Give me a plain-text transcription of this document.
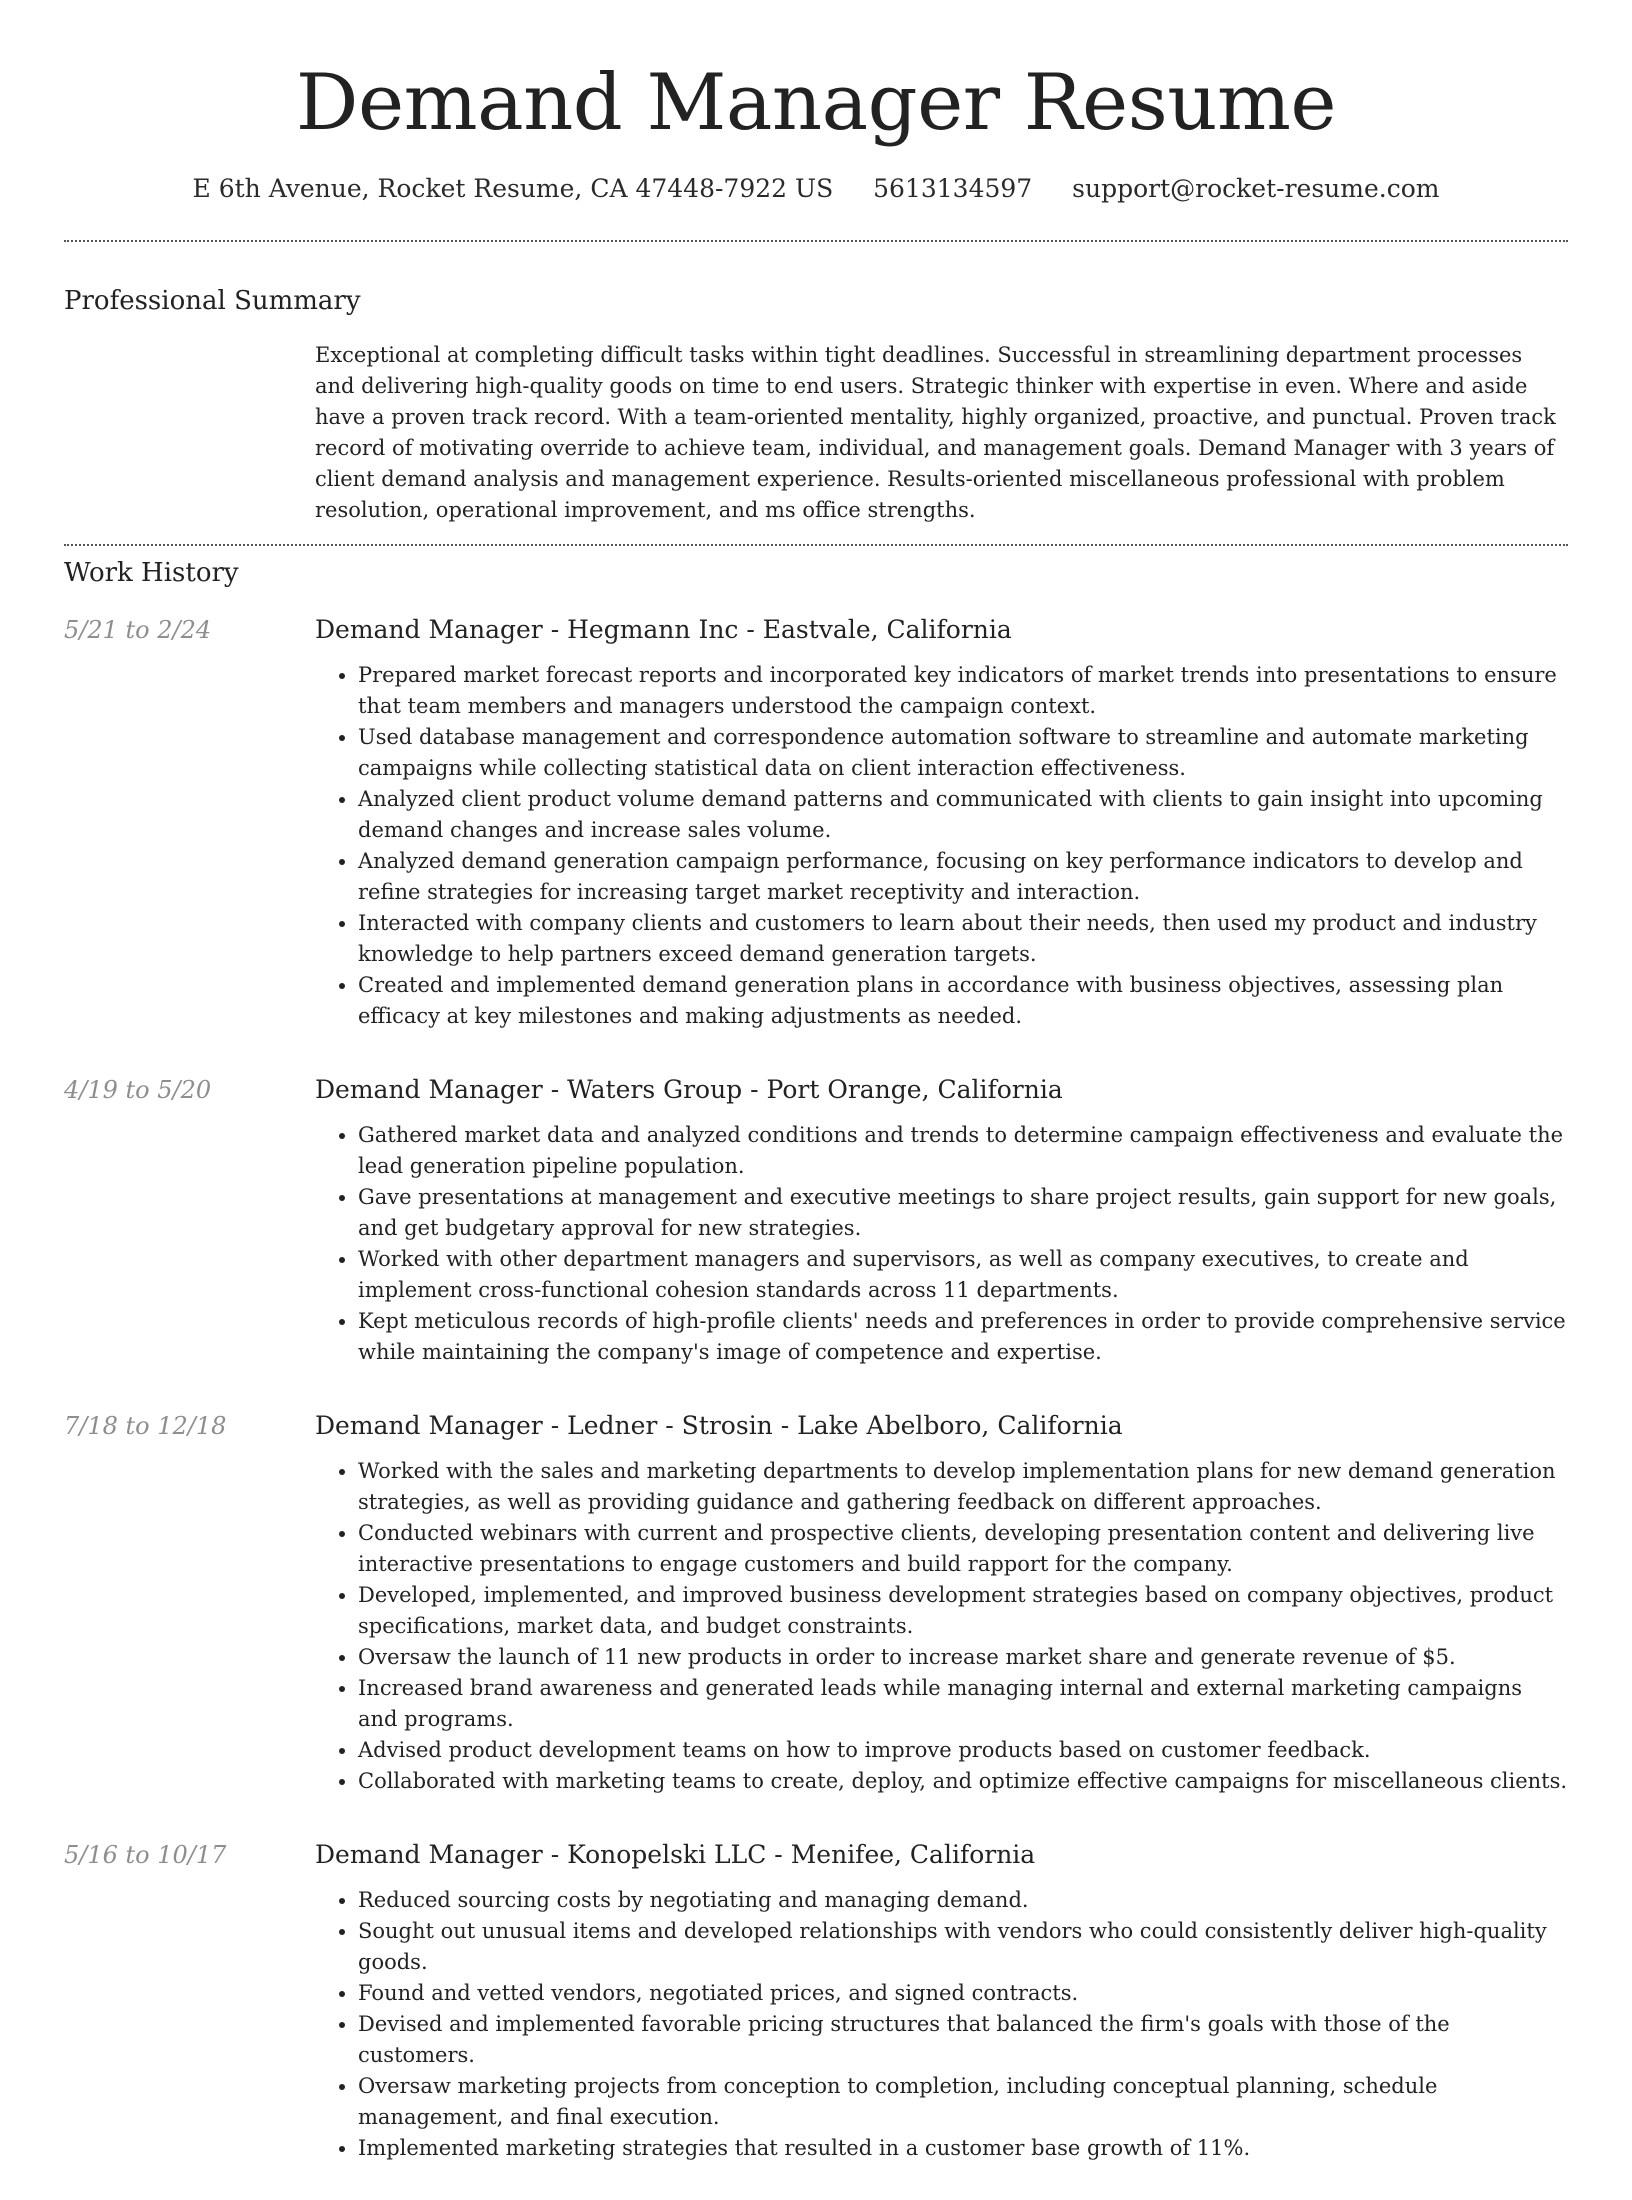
Demand Manager Resume
E 6th Avenue, Rocket Resume, CA 47448-7922 US 5613134597 support@rocket-resume.com
Professional Summary

Exceptional at completing difficult tasks within tight deadlines. Successful in streamlining department processes and delivering high-quality goods on time to end users. Strategic thinker with expertise in even. Where and aside have a proven track record. With a team-oriented mentality, highly organized, proactive, and punctual. Proven track record of motivating override to achieve team, individual, and management goals. Demand Manager with 3 years of client demand analysis and management experience. Results-oriented miscellaneous professional with problem resolution, operational improvement, and ms office strengths.

Work History
5/21 to 2/24	Demand Manager - Hegmann Inc - Eastvale, California
• Prepared market forecast reports and incorporated key indicators of market trends into presentations to ensure that team members and managers understood the campaign context.
• Used database management and correspondence automation software to streamline and automate marketing campaigns while collecting statistical data on client interaction effectiveness.
• Analyzed client product volume demand patterns and communicated with clients to gain insight into upcoming demand changes and increase sales volume.
• Analyzed demand generation campaign performance, focusing on key performance indicators to develop and refine strategies for increasing target market receptivity and interaction.
• Interacted with company clients and customers to learn about their needs, then used my product and industry knowledge to help partners exceed demand generation targets.
• Created and implemented demand generation plans in accordance with business objectives, assessing plan efficacy at key milestones and making adjustments as needed.
4/19 to 5/20	Demand Manager - Waters Group - Port Orange, California
• Gathered market data and analyzed conditions and trends to determine campaign effectiveness and evaluate the lead generation pipeline population.
• Gave presentations at management and executive meetings to share project results, gain support for new goals, and get budgetary approval for new strategies.
• Worked with other department managers and supervisors, as well as company executives, to create and implement cross-functional cohesion standards across 11 departments.
• Kept meticulous records of high-profile clients' needs and preferences in order to provide comprehensive service while maintaining the company's image of competence and expertise.
7/18 to 12/18	Demand Manager - Ledner - Strosin - Lake Abelboro, California
• Worked with the sales and marketing departments to develop implementation plans for new demand generation strategies, as well as providing guidance and gathering feedback on different approaches.
• Conducted webinars with current and prospective clients, developing presentation content and delivering live interactive presentations to engage customers and build rapport for the company.
• Developed, implemented, and improved business development strategies based on company objectives, product specifications, market data, and budget constraints.
• Oversaw the launch of 11 new products in order to increase market share and generate revenue of $5.
• Increased brand awareness and generated leads while managing internal and external marketing campaigns and programs.
• Advised product development teams on how to improve products based on customer feedback.
• Collaborated with marketing teams to create, deploy, and optimize effective campaigns for miscellaneous clients.
5/16 to 10/17	Demand Manager - Konopelski LLC - Menifee, California
• Reduced sourcing costs by negotiating and managing demand.
• Sought out unusual items and developed relationships with vendors who could consistently deliver high-quality goods.
• Found and vetted vendors, negotiated prices, and signed contracts.
• Devised and implemented favorable pricing structures that balanced the firm's goals with those of the customers.
• Oversaw marketing projects from conception to completion, including conceptual planning, schedule management, and final execution.
• Implemented marketing strategies that resulted in a customer base growth of 11%.
